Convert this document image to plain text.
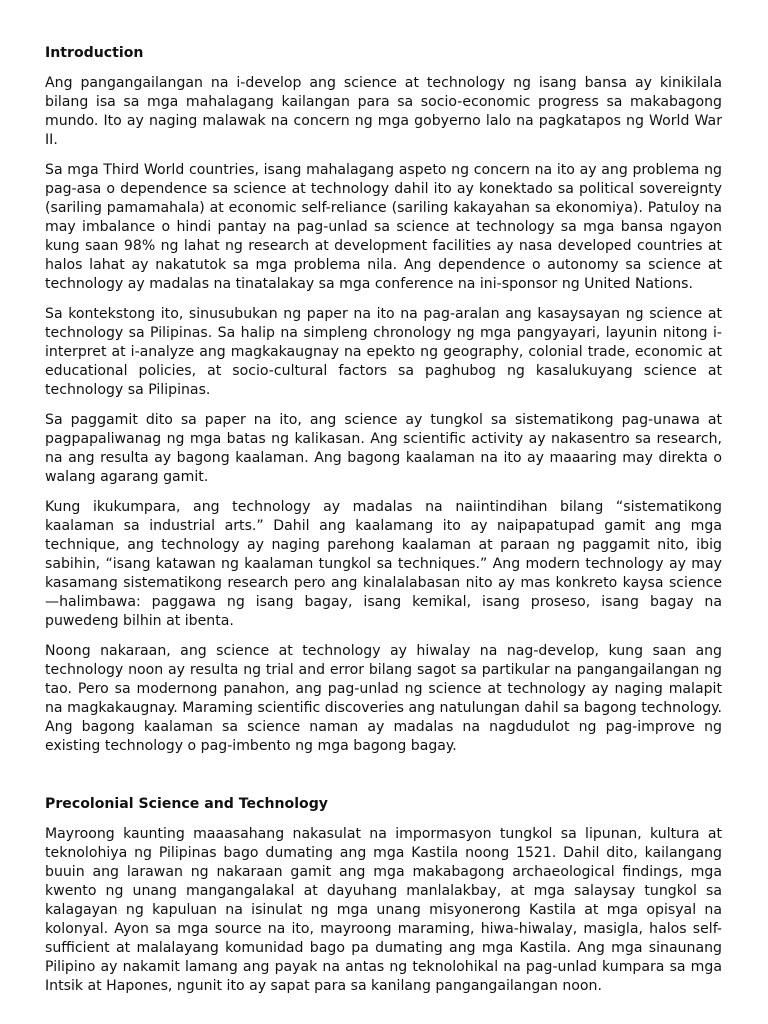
Introduction

Ang pangangailangan na i-develop ang science at technology ng isang bansa ay kinikilala bilang isa sa mga mahalagang kailangan para sa socio-economic progress sa makabagong mundo. Ito ay naging malawak na concern ng mga gobyerno lalo na pagkatapos ng World War II.

Sa mga Third World countries, isang mahalagang aspeto ng concern na ito ay ang problema ng pag-asa o dependence sa science at technology dahil ito ay konektado sa political sovereignty (sariling pamamahala) at economic self-reliance (sariling kakayahan sa ekonomiya). Patuloy na may imbalance o hindi pantay na pag-unlad sa science at technology sa mga bansa ngayon kung saan 98% ng lahat ng research at development facilities ay nasa developed countries at halos lahat ay nakatutok sa mga problema nila. Ang dependence o autonomy sa science at technology ay madalas na tinatalakay sa mga conference na ini-sponsor ng United Nations.

Sa kontekstong ito, sinusubukan ng paper na ito na pag-aralan ang kasaysayan ng science at technology sa Pilipinas. Sa halip na simpleng chronology ng mga pangyayari, layunin nitong i-interpret at i-analyze ang magkakaugnay na epekto ng geography, colonial trade, economic at educational policies, at socio-cultural factors sa paghubog ng kasalukuyang science at technology sa Pilipinas.

Sa paggamit dito sa paper na ito, ang science ay tungkol sa sistematikong pag-unawa at pagpapaliwanag ng mga batas ng kalikasan. Ang scientific activity ay nakasentro sa research, na ang resulta ay bagong kaalaman. Ang bagong kaalaman na ito ay maaaring may direkta o walang agarang gamit.

Kung ikukumpara, ang technology ay madalas na naiintindihan bilang “sistematikong kaalaman sa industrial arts.” Dahil ang kaalamang ito ay naipapatupad gamit ang mga technique, ang technology ay naging parehong kaalaman at paraan ng paggamit nito, ibig sabihin, “isang katawan ng kaalaman tungkol sa techniques.” Ang modern technology ay may kasamang sistematikong research pero ang kinalalabasan nito ay mas konkreto kaysa science—halimbawa: paggawa ng isang bagay, isang kemikal, isang proseso, isang bagay na puwedeng bilhin at ibenta.

Noong nakaraan, ang science at technology ay hiwalay na nag-develop, kung saan ang technology noon ay resulta ng trial and error bilang sagot sa partikular na pangangailangan ng tao. Pero sa modernong panahon, ang pag-unlad ng science at technology ay naging malapit na magkakaugnay. Maraming scientific discoveries ang natulungan dahil sa bagong technology. Ang bagong kaalaman sa science naman ay madalas na nagdudulot ng pag-improve ng existing technology o pag-imbento ng mga bagong bagay.

Precolonial Science and Technology

Mayroong kaunting maaasahang nakasulat na impormasyon tungkol sa lipunan, kultura at teknolohiya ng Pilipinas bago dumating ang mga Kastila noong 1521. Dahil dito, kailangang buuin ang larawan ng nakaraan gamit ang mga makabagong archaeological findings, mga kwento ng unang mangangalakal at dayuhang manlalakbay, at mga salaysay tungkol sa kalagayan ng kapuluan na isinulat ng mga unang misyonerong Kastila at mga opisyal na kolonyal. Ayon sa mga source na ito, mayroong maraming, hiwa-hiwalay, masigla, halos self-sufficient at malalayang komunidad bago pa dumating ang mga Kastila. Ang mga sinaunang Pilipino ay nakamit lamang ang payak na antas ng teknolohikal na pag-unlad kumpara sa mga Intsik at Hapones, ngunit ito ay sapat para sa kanilang pangangailangan noon.
